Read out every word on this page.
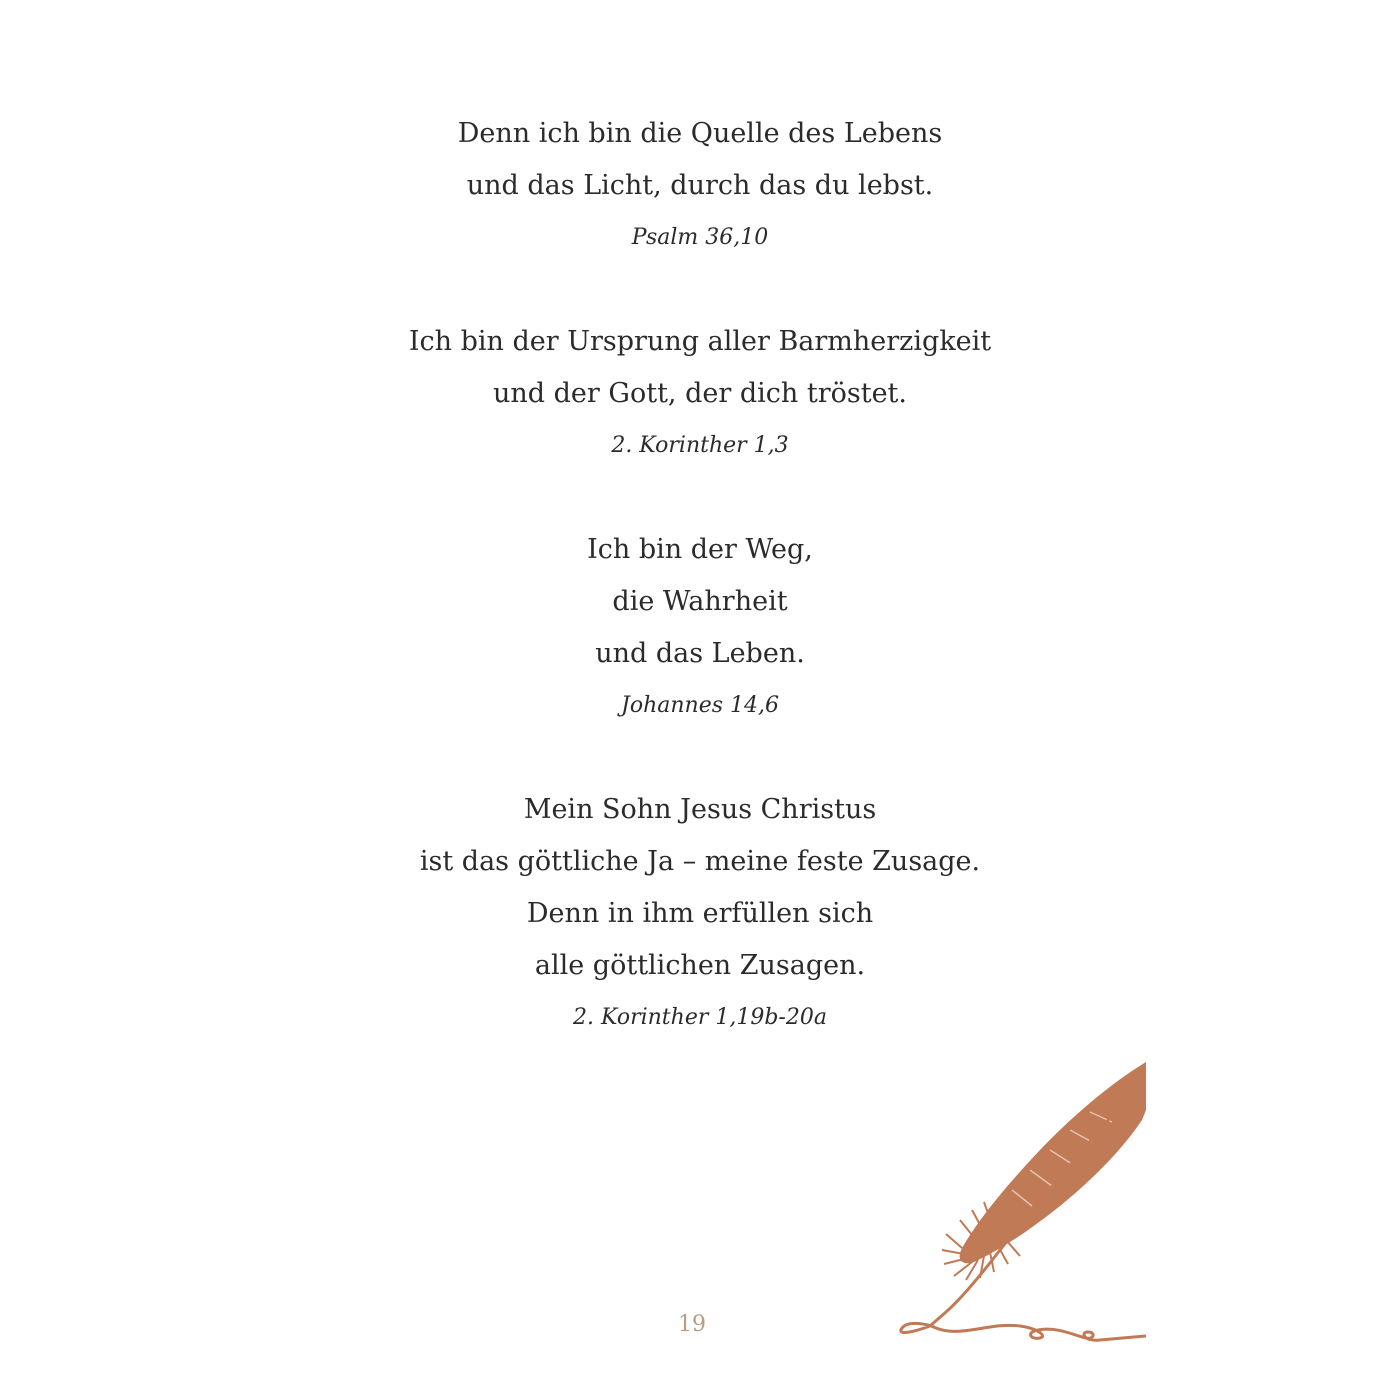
Denn ich bin die Quelle des Lebens
und das Licht, durch das du lebst.
Psalm 36,10
Ich bin der Ursprung aller Barmherzigkeit
und der Gott, der dich tröstet.
2. Korinther 1,3
Ich bin der Weg,
die Wahrheit
und das Leben.
Johannes 14,6
Mein Sohn Jesus Christus
ist das göttliche Ja – meine feste Zusage.
Denn in ihm erfüllen sich
alle göttlichen Zusagen.
2. Korinther 1,19b-20a
19
